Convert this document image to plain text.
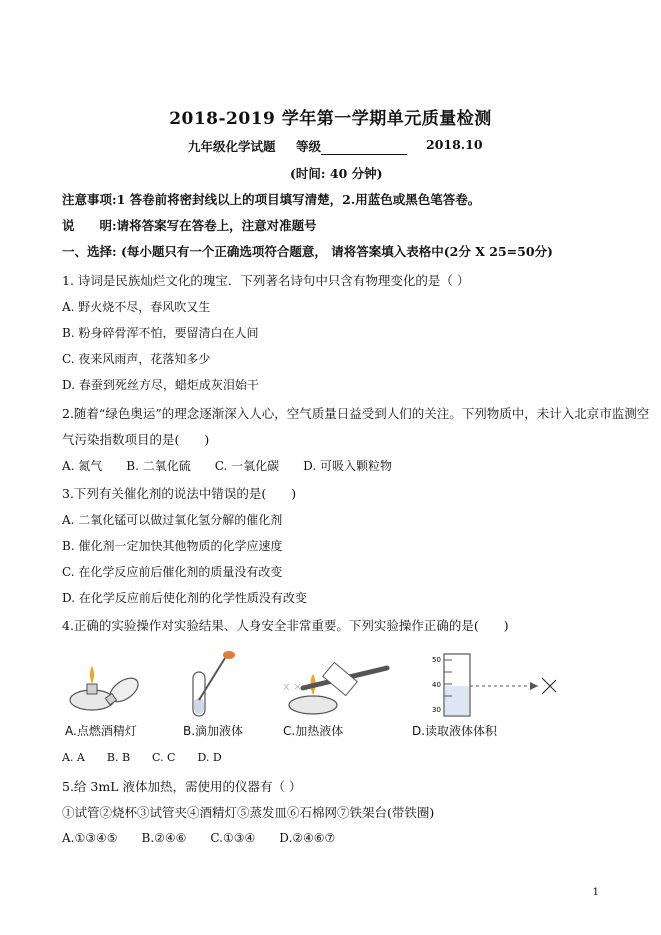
2018-2019 学年第一学期单元质量检测
九年级化学试题 等级	2018.10
(时间: 40 分钟)
注意事项:1 答卷前将密封线以上的项目填写清楚，2.用蓝色或黑色笔答卷。
说　　明:请将答案写在答卷上，注意对准题号
一、选择: (每小题只有一个正确选项符合题意， 请将答案填入表格中(2分 X 25=50分)
1. 诗词是民族灿烂文化的瑰宝．下列著名诗句中只含有物理变化的是（ ）
A. 野火烧不尽，春风吹又生
B. 粉身碎骨浑不怕，要留清白在人间
C. 夜来风雨声，花落知多少
D. 春蚕到死丝方尽，蜡炬成灰泪始干
2.随着“绿色奥运”的理念逐渐深入人心，空气质量日益受到人们的关注。下列物质中，未计入北京市监测空
气污染指数项目的是(　　)
A. 氮气　　B. 二氧化硫　　C. 一氧化碳　　D. 可吸入颗粒物
3.下列有关催化剂的说法中错误的是(　　)
A. 二氧化锰可以做过氧化氢分解的催化剂
B. 催化剂一定加快其他物质的化学应速度
C. 在化学反应前后催化剂的质量没有改变
D. 在化学反应前后使化剂的化学性质没有改变
4.正确的实验操作对实验结果、人身安全非常重要。下列实验操作正确的是(　　)
A.点燃酒精灯	B.滴加液体
x ×
C.加热液体
50
40
30
D.读取液体体积
A. A　　B. B　　C. C　　D. D
5.给 3mL 液体加热，需使用的仪器有（ ）
①试管②烧杯③试管夹④酒精灯⑤蒸发皿⑥石棉网⑦铁架台(带铁圈)
A.①③④⑤　　B.②④⑥　　C.①③④　　D.②④⑥⑦
1
